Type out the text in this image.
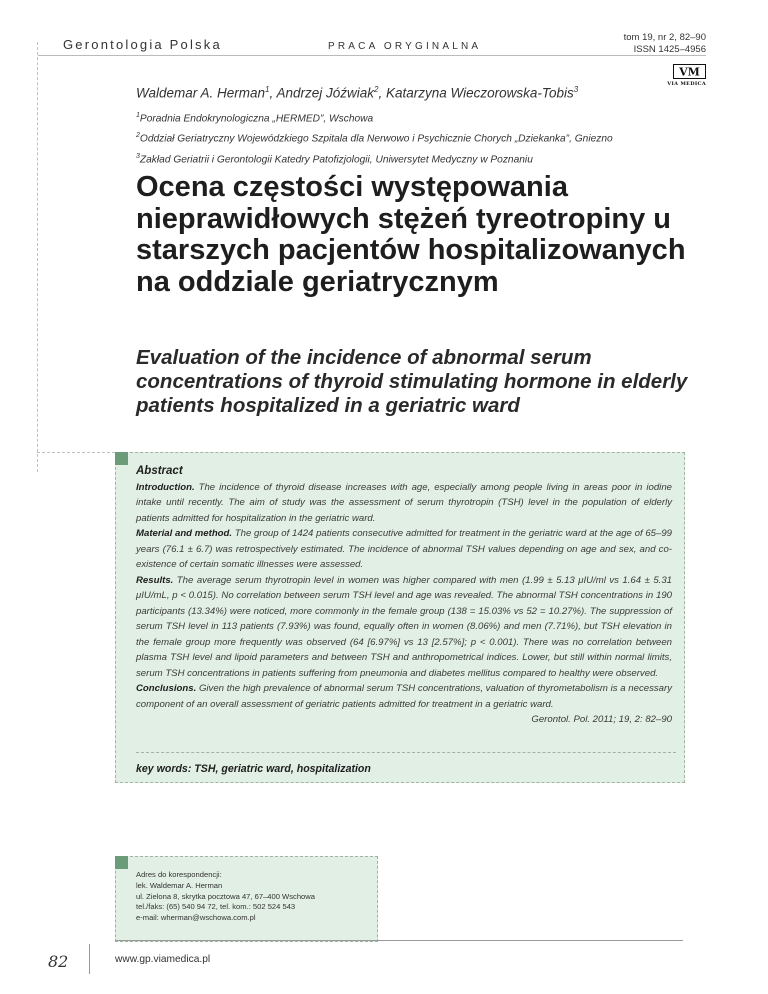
Gerontologia Polska	PRACA ORYGINALNA
tom 19, nr 2, 82–90
ISSN 1425–4956
VM
VIA MEDICA
Waldemar A. Herman$^1$, Andrzej Jóźwiak$^2$, Katarzyna Wieczorowska-Tobis$^3$
$^1$Poradnia Endokrynologiczna „HERMED”, Wschowa
$^2$Oddział Geriatryczny Wojewódzkiego Szpitala dla Nerwowo i Psychicznie Chorych „Dziekanka”, Gniezno
$^3$Zakład Geriatrii i Gerontologii Katedry Patofizjologii, Uniwersytet Medyczny w Poznaniu
Ocena częstości występowania nieprawidłowych stężeń tyreotropiny u starszych pacjentów hospitalizowanych na oddziale geriatrycznym
Evaluation of the incidence of abnormal serum concentrations of thyroid stimulating hormone in elderly patients hospitalized in a geriatric ward
Abstract

Introduction. The incidence of thyroid disease increases with age, especially among people living in areas poor in iodine intake until recently. The aim of study was the assessment of serum thyrotropin (TSH) level in the population of elderly patients admitted for hospitalization in the geriatric ward.

Material and method. The group of 1424 patients consecutive admitted for treatment in the geriatric ward at the age of 65–99 years (76.1 ± 6.7) was retrospectively estimated. The incidence of abnormal TSH values depending on age and sex, and co-existence of certain somatic illnesses were assessed.

Results. The average serum thyrotropin level in women was higher compared with men (1.99 ± 5.13 μIU/ml vs 1.64 ± 5.31 μIU/mL, p < 0.015). No correlation between serum TSH level and age was revealed. The abnormal TSH concentrations in 190 participants (13.34%) were noticed, more commonly in the female group (138 = 15.03% vs 52 = 10.27%). The suppression of serum TSH level in 113 patients (7.93%) was found, equally often in women (8.06%) and men (7.71%), but TSH elevation in the female group more frequently was observed (64 [6.97%] vs 13 [2.57%]; p < 0.001). There was no correlation between plasma TSH level and lipoid parameters and between TSH and anthropometrical indices. Lower, but still within normal limits, serum TSH concentrations in patients suffering from pneumonia and diabetes mellitus compared to healthy were observed.

Conclusions. Given the high prevalence of abnormal serum TSH concentrations, valuation of thyrometabolism is a necessary component of an overall assessment of geriatric patients admitted for treatment in a geriatric ward.

Gerontol. Pol. 2011; 19, 2: 82–90

key words: TSH, geriatric ward, hospitalization
Adres do korespondencji:
lek. Waldemar A. Herman
ul. Zielona 8, skrytka pocztowa 47, 67–400 Wschowa
tel./faks: (65) 540 94 72, tel. kom.: 502 524 543
e-mail: wherman@wschowa.com.pl
82	www.gp.viamedica.pl
